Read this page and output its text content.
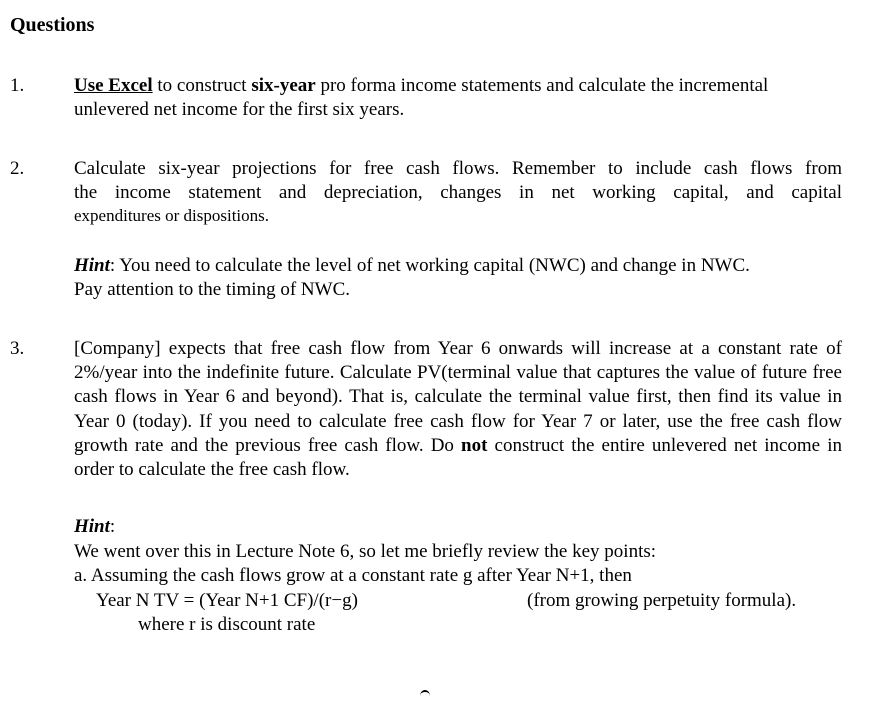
Questions
1.	Use Excel to construct six-year pro forma income statements and calculate the incremental
unlevered net income for the first six years.
2.	Calculate six-year projections for free cash flows. Remember to include cash flows from
the income statement and depreciation, changes in net working capital, and capital
expenditures or dispositions.
Hint: You need to calculate the level of net working capital (NWC) and change in NWC.
Pay attention to the timing of NWC.
3.	[Company] expects that free cash flow from Year 6 onwards will increase at a constant rate of 2%/year into the indefinite future. Calculate PV(terminal value that captures the value of future free cash flows in Year 6 and beyond). That is, calculate the terminal value first, then find its value in Year 0 (today). If you need to calculate free cash flow for Year 7 or later, use the free cash flow growth rate and the previous free cash flow. Do not construct the entire unlevered net income in order to calculate the free cash flow.
Hint:
We went over this in Lecture Note 6, so let me briefly review the key points:
a. Assuming the cash flows grow at a constant rate g after Year N+1, then
Year N TV = (Year N+1 CF)/(r−g)	(from growing perpetuity formula).
where r is discount rate
